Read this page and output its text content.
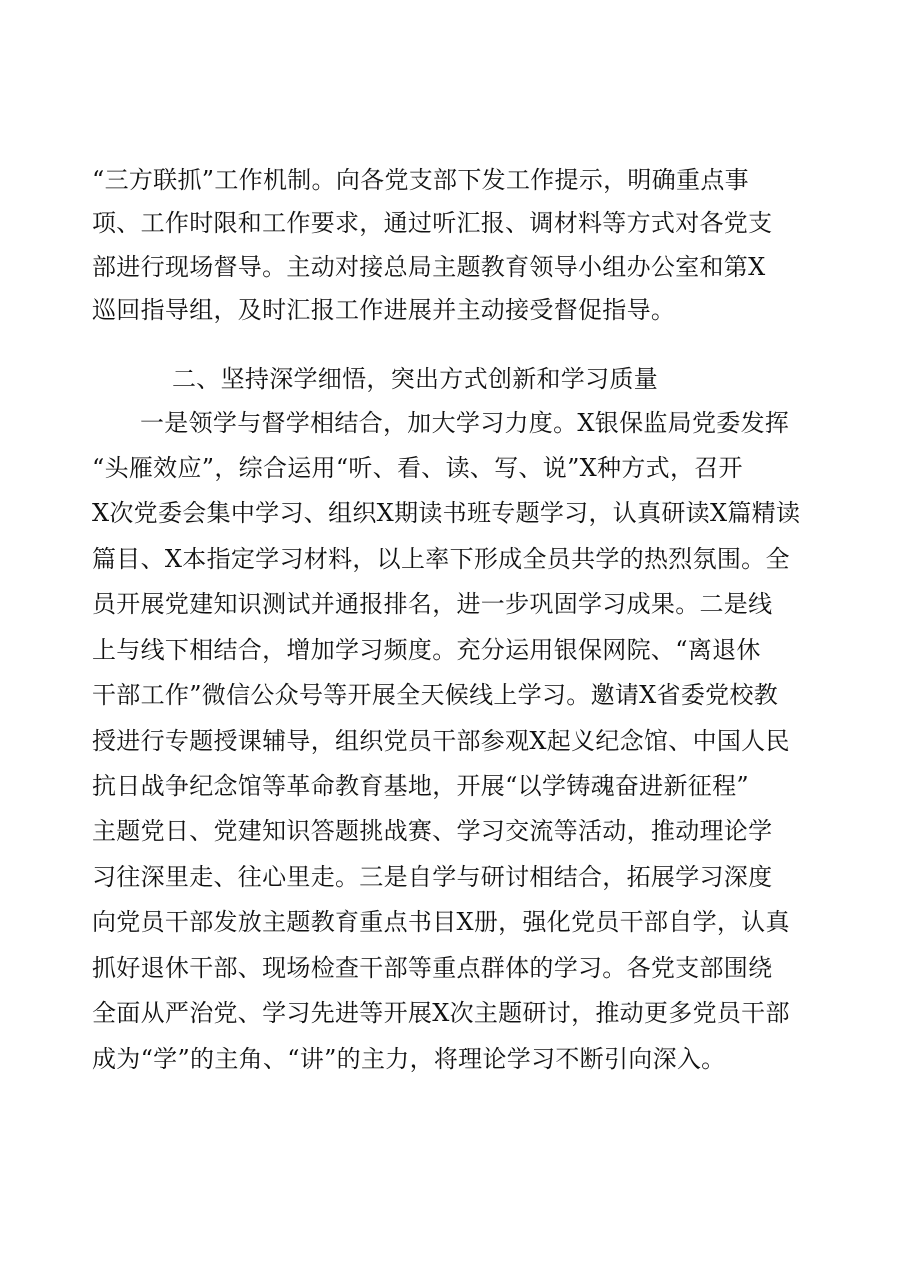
“三方联抓”工作机制。向各党支部下发工作提示，明确重点事
项、工作时限和工作要求，通过听汇报、调材料等方式对各党支
部进行现场督导。主动对接总局主题教育领导小组办公室和第X
巡回指导组，及时汇报工作进展并主动接受督促指导。
二、坚持深学细悟，突出方式创新和学习质量
一是领学与督学相结合，加大学习力度。X银保监局党委发挥
“头雁效应”，综合运用“听、看、读、写、说”X种方式，召开
X次党委会集中学习、组织X期读书班专题学习，认真研读X篇精读
篇目、X本指定学习材料，以上率下形成全员共学的热烈氛围。全
员开展党建知识测试并通报排名，进一步巩固学习成果。二是线
上与线下相结合，增加学习频度。充分运用银保网院、“离退休
干部工作”微信公众号等开展全天候线上学习。邀请X省委党校教
授进行专题授课辅导，组织党员干部参观X起义纪念馆、中国人民
抗日战争纪念馆等革命教育基地，开展“以学铸魂奋进新征程”
主题党日、党建知识答题挑战赛、学习交流等活动，推动理论学
习往深里走、往心里走。三是自学与研讨相结合，拓展学习深度
向党员干部发放主题教育重点书目X册，强化党员干部自学，认真
抓好退休干部、现场检查干部等重点群体的学习。各党支部围绕
全面从严治党、学习先进等开展X次主题研讨，推动更多党员干部
成为“学”的主角、“讲”的主力，将理论学习不断引向深入。
